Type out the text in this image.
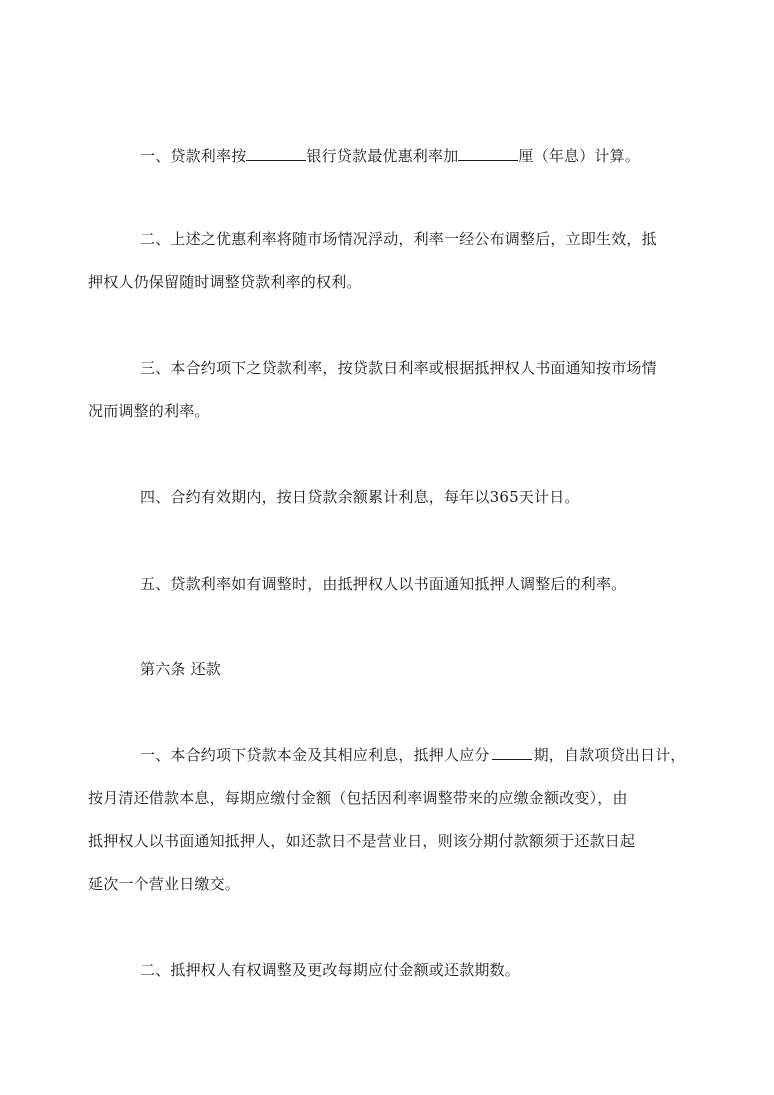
一、贷款利率按	银行贷款最优惠利率加	厘（年息）计算。
二、上述之优惠利率将随市场情况浮动，利率一经公布调整后，立即生效，抵
押权人仍保留随时调整贷款利率的权利。
三、本合约项下之贷款利率，按贷款日利率或根据抵押权人书面通知按市场情
况而调整的利率。
四、合约有效期内，按日贷款余额累计利息，每年以365天计日。
五、贷款利率如有调整时，由抵押权人以书面通知抵押人调整后的利率。
第六条 还款
一、本合约项下贷款本金及其相应利息，抵押人应分	期，自款项贷出日计，
按月清还借款本息，每期应缴付金额（包括因利率调整带来的应缴金额改变），由
抵押权人以书面通知抵押人，如还款日不是营业日，则该分期付款额须于还款日起
延次一个营业日缴交。
二、抵押权人有权调整及更改每期应付金额或还款期数。
